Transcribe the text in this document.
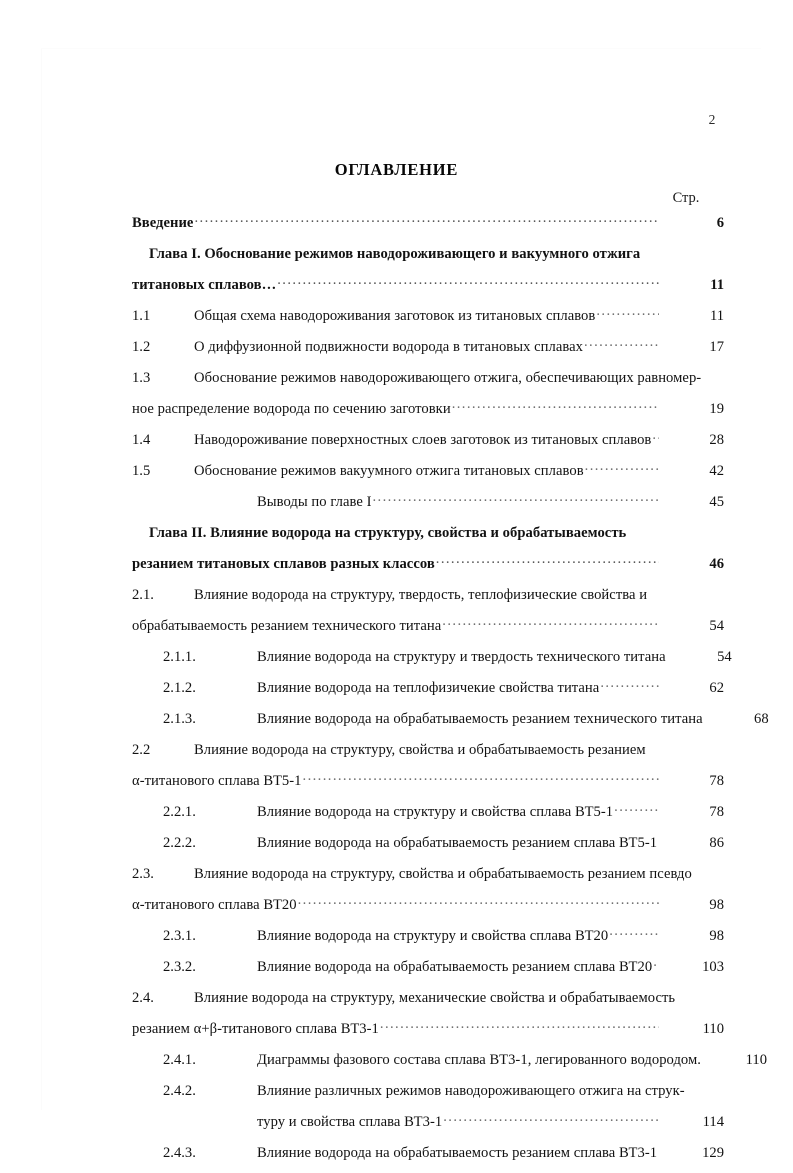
2
ОГЛАВЛЕНИЕ
Стр.
Введение .....	6
Глава I. Обоснование режимов наводороживающего и вакуумного отжига

титановых сплавов… .....	11
1.1	Общая схема наводороживания заготовок из титановых сплавов .....	11
1.2	О диффузионной подвижности водорода в титановых сплавах .....	17
1.3	Обоснование режимов наводороживающего отжига, обеспечивающих равномер-

ное распределение водорода по сечению заготовки .....	19
1.4	Наводороживание поверхностных слоев заготовок из титановых сплавов .....	28
1.5	Обоснование режимов вакуумного отжига титановых сплавов .....	42
Выводы по главе I .....	45
Глава II. Влияние водорода на структуру, свойства и обрабатываемость

резанием титановых сплавов разных классов .....	46
2.1.	Влияние водорода на структуру, твердость, теплофизические свойства и

обрабатываемость резанием технического титана .....	54
2.1.1.	Влияние водорода на структуру и твердость технического титана	54
2.1.2.	Влияние водорода на теплофизичекие свойства титана .....	62
2.1.3.	Влияние водорода на обрабатываемость резанием технического титана	68
2.2	Влияние водорода на структуру, свойства и обрабатываемость резанием

α-титанового сплава ВТ5-1 .....	78
2.2.1.	Влияние водорода на структуру и свойства сплава ВТ5-1 .....	78
2.2.2.	Влияние водорода на обрабатываемость резанием сплава ВТ5-1 .....	86
2.3.	Влияние водорода на структуру, свойства и обрабатываемость резанием псевдо

α-титанового сплава ВТ20 .....	98
2.3.1.	Влияние водорода на структуру и свойства сплава ВТ20 .....	98
2.3.2.	Влияние водорода на обрабатываемость резанием сплава ВТ20 .....	103
2.4.	Влияние водорода на структуру, механические свойства и обрабатываемость

резанием α+β-титанового сплава ВТ3-1 .....	110
2.4.1.	Диаграммы фазового состава сплава ВТ3-1, легированного водородом.	110
2.4.2.	Влияние различных режимов наводороживающего отжига на струк-

туру и свойства сплава ВТ3-1 .....	114
2.4.3.	Влияние водорода на обрабатываемость резанием сплава ВТ3-1 .....	129
